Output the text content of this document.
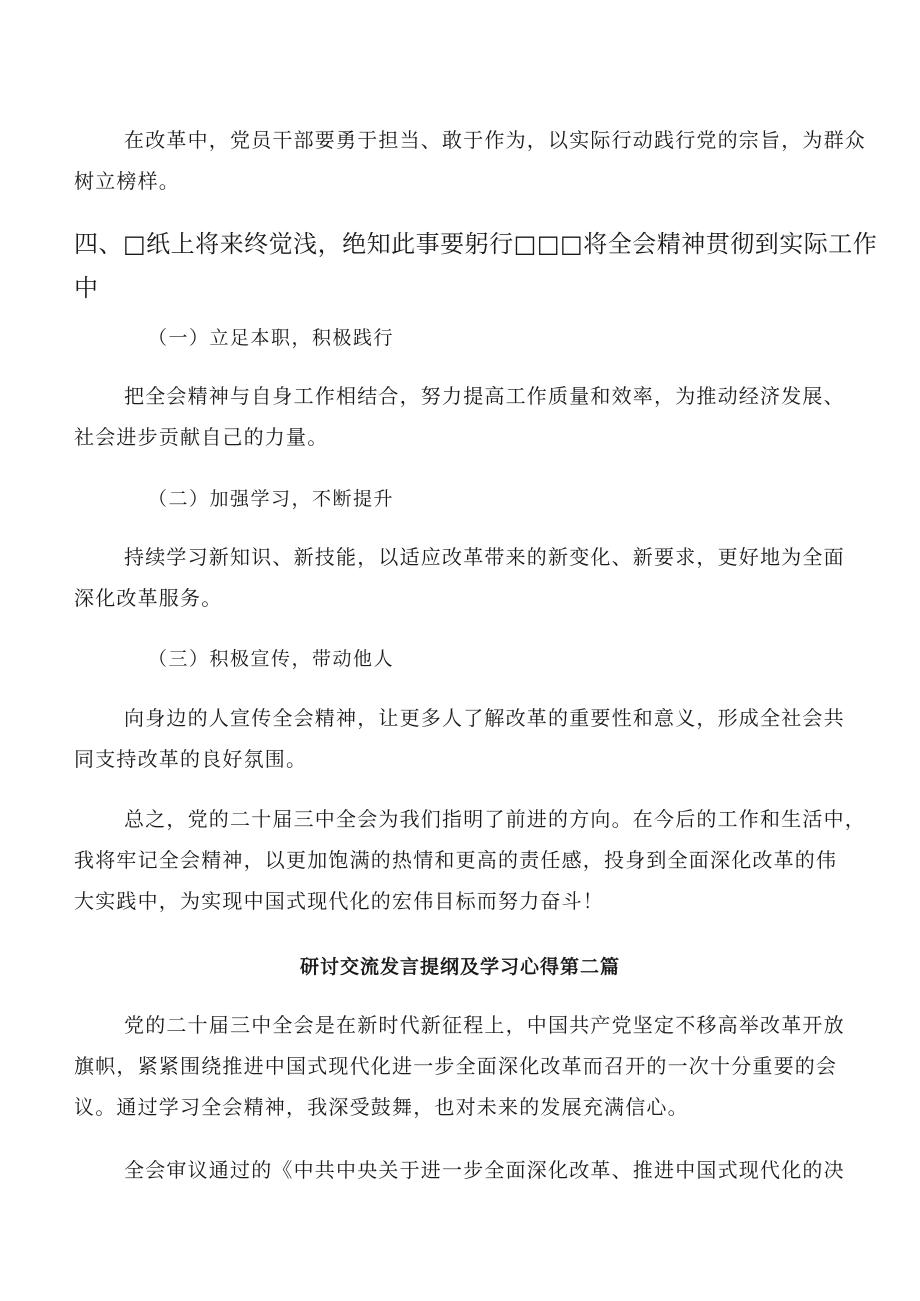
在改革中，党员干部要勇于担当、敢于作为，以实际行动践行党的宗旨，为群众
树立榜样。

四、□纸上将来终觉浅，绝知此事要躬行□□□将全会精神贯彻到实际工作
中

（一）立足本职，积极践行

把全会精神与自身工作相结合，努力提高工作质量和效率，为推动经济发展、
社会进步贡献自己的力量。

（二）加强学习，不断提升

持续学习新知识、新技能，以适应改革带来的新变化、新要求，更好地为全面
深化改革服务。

（三）积极宣传，带动他人

向身边的人宣传全会精神，让更多人了解改革的重要性和意义，形成全社会共
同支持改革的良好氛围。

总之，党的二十届三中全会为我们指明了前进的方向。在今后的工作和生活中，
我将牢记全会精神，以更加饱满的热情和更高的责任感，投身到全面深化改革的伟
大实践中，为实现中国式现代化的宏伟目标而努力奋斗！

研讨交流发言提纲及学习心得第二篇

党的二十届三中全会是在新时代新征程上，中国共产党坚定不移高举改革开放
旗帜，紧紧围绕推进中国式现代化进一步全面深化改革而召开的一次十分重要的会
议。通过学习全会精神，我深受鼓舞，也对未来的发展充满信心。

全会审议通过的《中共中央关于进一步全面深化改革、推进中国式现代化的决
